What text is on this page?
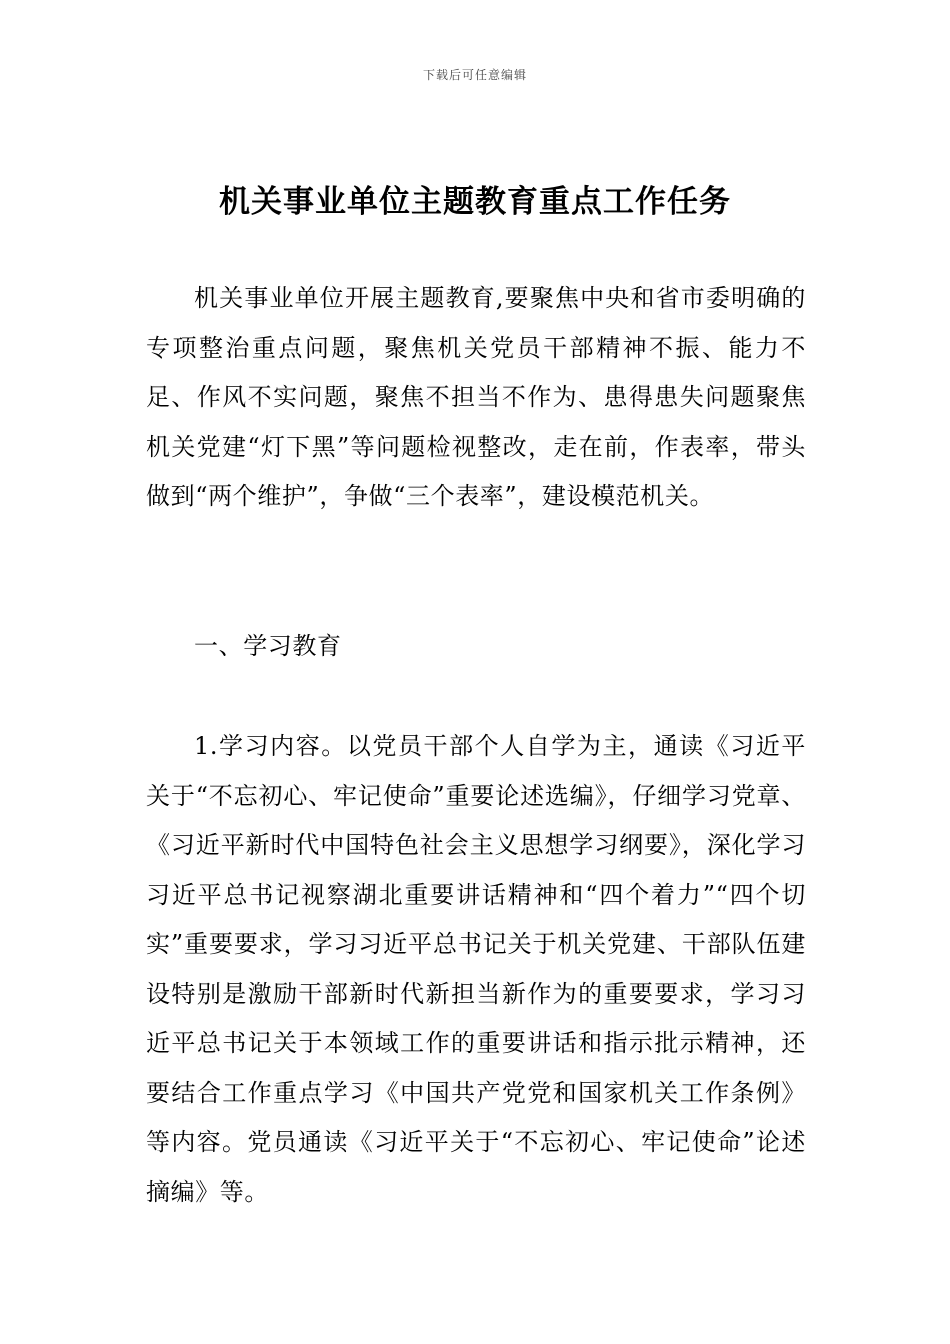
下载后可任意编辑
机关事业单位主题教育重点工作任务

机关事业单位开展主题教育,要聚焦中央和省市委明确的专项整治重点问题，聚焦机关党员干部精神不振、能力不足、作风不实问题，聚焦不担当不作为、患得患失问题聚焦机关党建“灯下黑”等问题检视整改，走在前，作表率，带头做到“两个维护”，争做“三个表率”，建设模范机关。

一、学习教育

1.学习内容。以党员干部个人自学为主，通读《习近平关于“不忘初心、牢记使命”重要论述选编》，仔细学习党章、《习近平新时代中国特色社会主义思想学习纲要》，深化学习习近平总书记视察湖北重要讲话精神和“四个着力”“四个切实”重要要求，学习习近平总书记关于机关党建、干部队伍建设特别是激励干部新时代新担当新作为的重要要求，学习习近平总书记关于本领域工作的重要讲话和指示批示精神，还要结合工作重点学习《中国共产党党和国家机关工作条例》等内容。党员通读《习近平关于“不忘初心、牢记使命”论述摘编》等。
